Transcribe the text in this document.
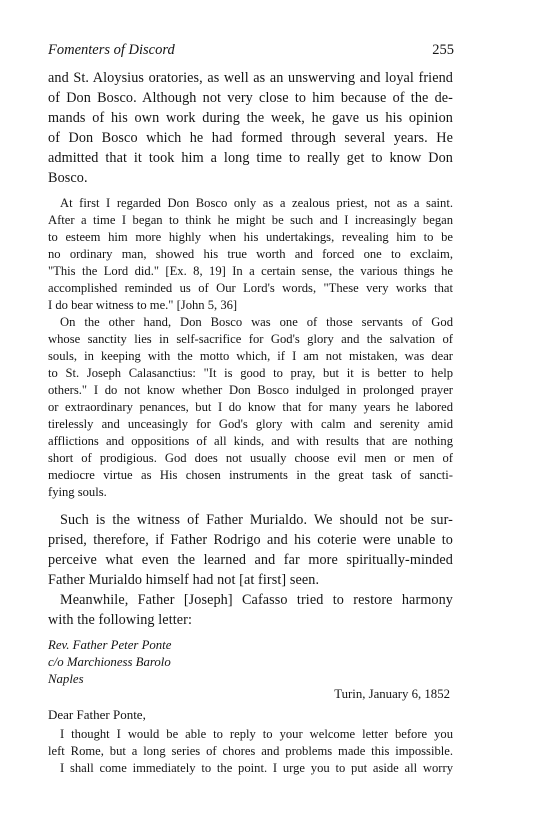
Fomenters of Discord	255
and St. Aloysius oratories, as well as an unswerving and loyal friend
of Don Bosco. Although not very close to him because of the de-
mands of his own work during the week, he gave us his opinion
of Don Bosco which he had formed through several years. He
admitted that it took him a long time to really get to know Don
Bosco.
At first I regarded Don Bosco only as a zealous priest, not as a saint.
After a time I began to think he might be such and I increasingly began
to esteem him more highly when his undertakings, revealing him to be
no ordinary man, showed his true worth and forced one to exclaim,
"This the Lord did." [Ex. 8, 19] In a certain sense, the various things he
accomplished reminded us of Our Lord's words, "These very works that
I do bear witness to me." [John 5, 36]
On the other hand, Don Bosco was one of those servants of God
whose sanctity lies in self-sacrifice for God's glory and the salvation of
souls, in keeping with the motto which, if I am not mistaken, was dear
to St. Joseph Calasanctius: "It is good to pray, but it is better to help
others." I do not know whether Don Bosco indulged in prolonged prayer
or extraordinary penances, but I do know that for many years he labored
tirelessly and unceasingly for God's glory with calm and serenity amid
afflictions and oppositions of all kinds, and with results that are nothing
short of prodigious. God does not usually choose evil men or men of
mediocre virtue as His chosen instruments in the great task of sancti-
fying souls.
Such is the witness of Father Murialdo. We should not be sur-
prised, therefore, if Father Rodrigo and his coterie were unable to
perceive what even the learned and far more spiritually-minded
Father Murialdo himself had not [at first] seen.
Meanwhile, Father [Joseph] Cafasso tried to restore harmony
with the following letter:
Rev. Father Peter Ponte
c/o Marchioness Barolo
Naples
Turin, January 6, 1852
Dear Father Ponte,
I thought I would be able to reply to your welcome letter before you
left Rome, but a long series of chores and problems made this impossible.
I shall come immediately to the point. I urge you to put aside all worry
